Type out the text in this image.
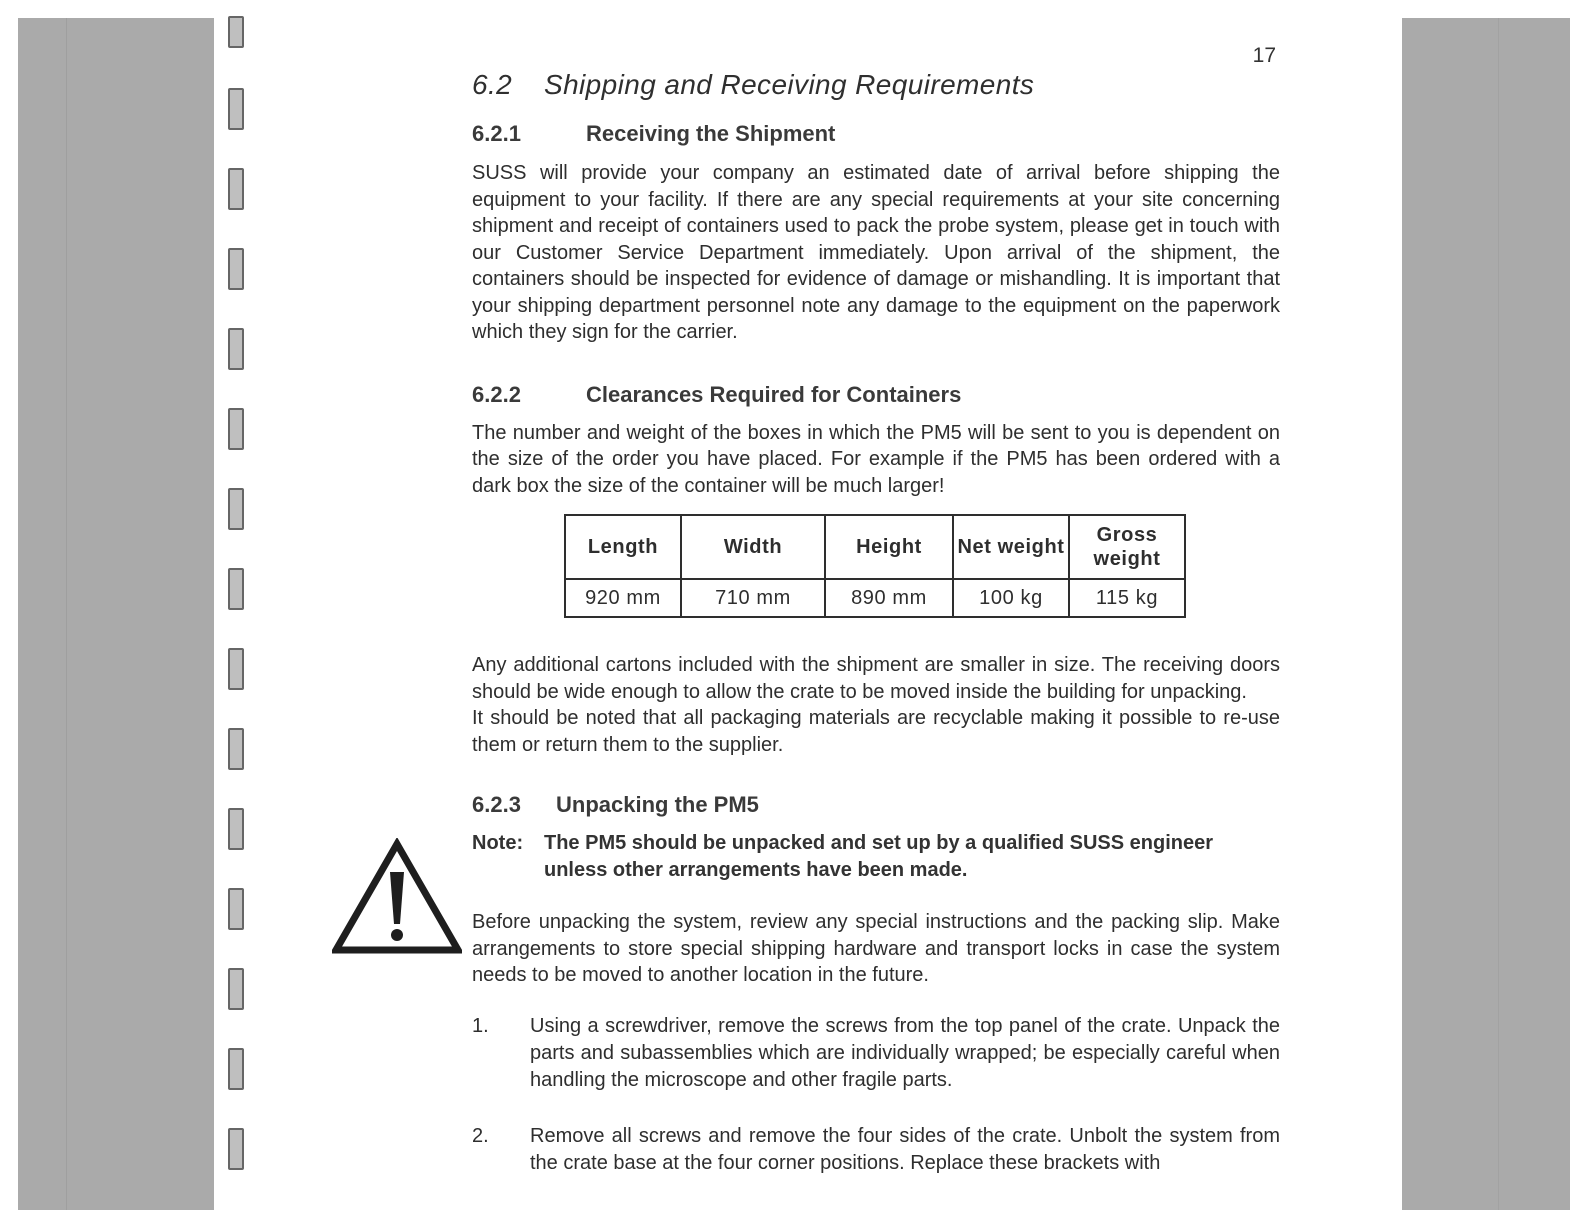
17
6.2 Shipping and Receiving Requirements
6.2.1	Receiving the Shipment

SUSS will provide your company an estimated date of arrival before shipping the equipment to your facility. If there are any special requirements at your site concerning shipment and receipt of containers used to pack the probe system, please get in touch with our Customer Service Department immediately. Upon arrival of the shipment, the containers should be inspected for evidence of damage or mishandling. It is important that your shipping department personnel note any damage to the equipment on the paperwork which they sign for the carrier.

6.2.2	Clearances Required for Containers

The number and weight of the boxes in which the PM5 will be sent to you is dependent on the size of the order you have placed. For example if the PM5 has been ordered with a dark box the size of the container will be much larger!

Length	Width	Height	Net weight	Gross weight
920 mm	710 mm	890 mm	100 kg	115 kg

Any additional cartons included with the shipment are smaller in size. The receiving doors should be wide enough to allow the crate to be moved inside the building for unpacking.

It should be noted that all packaging materials are recyclable making it possible to re-use them or return them to the supplier.

6.2.3 Unpacking the PM5
Note:	The PM5 should be unpacked and set up by a qualified SUSS engineer unless other arrangements have been made.

Before unpacking the system, review any special instructions and the packing slip. Make arrangements to store special shipping hardware and transport locks in case the system needs to be moved to another location in the future.

1.	Using a screwdriver, remove the screws from the top panel of the crate. Unpack the parts and subassemblies which are individually wrapped; be especially careful when handling the microscope and other fragile parts.
2.	Remove all screws and remove the four sides of the crate. Unbolt the system from the crate base at the four corner positions. Replace these brackets with
